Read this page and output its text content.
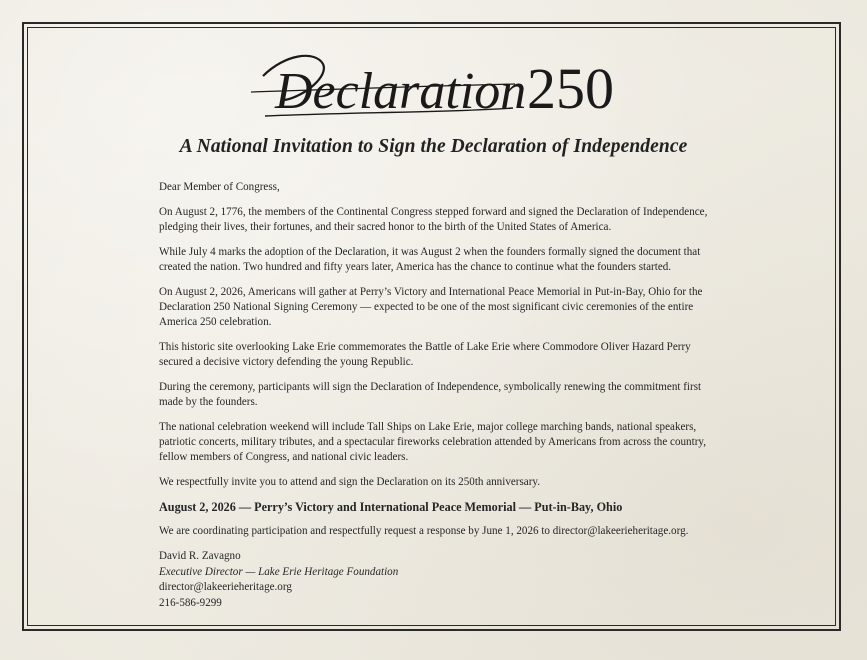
Declaration 250
A National Invitation to Sign the Declaration of Independence

Dear Member of Congress,

On August 2, 1776, the members of the Continental Congress stepped forward and signed the Declaration of Independence, pledging their lives, their fortunes, and their sacred honor to the birth of the United States of America.

While July 4 marks the adoption of the Declaration, it was August 2 when the founders formally signed the document that created the nation. Two hundred and fifty years later, America has the chance to continue what the founders started.

On August 2, 2026, Americans will gather at Perry’s Victory and International Peace Memorial in Put-in-Bay, Ohio for the Declaration 250 National Signing Ceremony — expected to be one of the most significant civic ceremonies of the entire America 250 celebration.

This historic site overlooking Lake Erie commemorates the Battle of Lake Erie where Commodore Oliver Hazard Perry secured a decisive victory defending the young Republic.

During the ceremony, participants will sign the Declaration of Independence, symbolically renewing the commitment first made by the founders.

The national celebration weekend will include Tall Ships on Lake Erie, major college marching bands, national speakers, patriotic concerts, military tributes, and a spectacular fireworks celebration attended by Americans from across the country, fellow members of Congress, and national civic leaders.

We respectfully invite you to attend and sign the Declaration on its 250th anniversary.

August 2, 2026 — Perry’s Victory and International Peace Memorial — Put-in-Bay, Ohio

We are coordinating participation and respectfully request a response by June 1, 2026 to director@lakeerieheritage.org.

David R. Zavagno
Executive Director — Lake Erie Heritage Foundation
director@lakeerieheritage.org
216-586-9299
